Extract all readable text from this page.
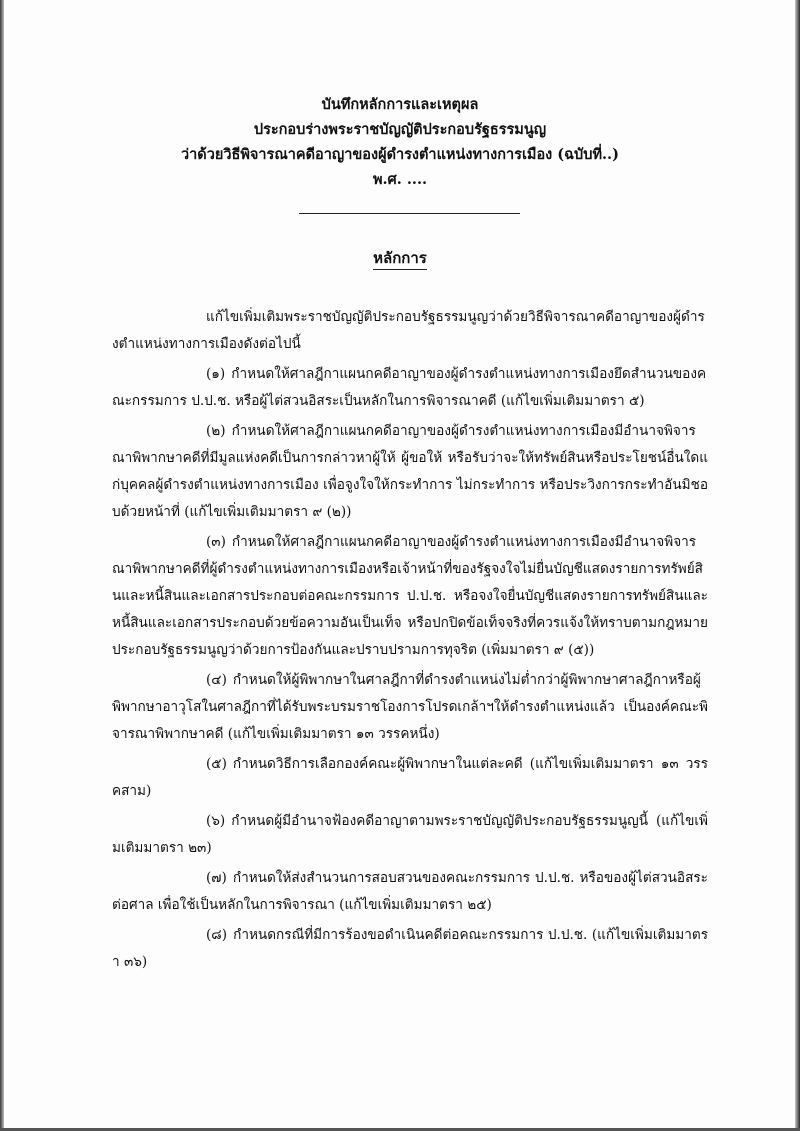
บันทึกหลักการและเหตุผล
ประกอบร่างพระราชบัญญัติประกอบรัฐธรรมนูญ
ว่าด้วยวิธีพิจารณาคดีอาญาของผู้ดำรงตำแหน่งทางการเมือง (ฉบับที่..)
พ.ศ. ....
หลักการ

แก้ไขเพิ่มเติมพระราชบัญญัติประกอบรัฐธรรมนูญว่าด้วยวิธีพิจารณาคดีอาญาของผู้ดำรงตำแหน่งทางการเมืองดังต่อไปนี้

(๑) กำหนดให้ศาลฎีกาแผนกคดีอาญาของผู้ดำรงตำแหน่งทางการเมืองยึดสำนวนของคณะกรรมการ ป.ป.ช. หรือผู้ไต่สวนอิสระเป็นหลักในการพิจารณาคดี (แก้ไขเพิ่มเติมมาตรา ๕)

(๒) กำหนดให้ศาลฎีกาแผนกคดีอาญาของผู้ดำรงตำแหน่งทางการเมืองมีอำนาจพิจารณาพิพากษาคดีที่มีมูลแห่งคดีเป็นการกล่าวหาผู้ให้ ผู้ขอให้ หรือรับว่าจะให้ทรัพย์สินหรือประโยชน์อื่นใดแก่บุคคลผู้ดำรงตำแหน่งทางการเมือง เพื่อจูงใจให้กระทำการ ไม่กระทำการ หรือประวิงการกระทำอันมิชอบด้วยหน้าที่ (แก้ไขเพิ่มเติมมาตรา ๙ (๒))

(๓) กำหนดให้ศาลฎีกาแผนกคดีอาญาของผู้ดำรงตำแหน่งทางการเมืองมีอำนาจพิจารณาพิพากษาคดีที่ผู้ดำรงตำแหน่งทางการเมืองหรือเจ้าหน้าที่ของรัฐจงใจไม่ยื่นบัญชีแสดงรายการทรัพย์สินและหนี้สินและเอกสารประกอบต่อคณะกรรมการ ป.ป.ช. หรือจงใจยื่นบัญชีแสดงรายการทรัพย์สินและหนี้สินและเอกสารประกอบด้วยข้อความอันเป็นเท็จ หรือปกปิดข้อเท็จจริงที่ควรแจ้งให้ทราบตามกฎหมายประกอบรัฐธรรมนูญว่าด้วยการป้องกันและปราบปรามการทุจริต (เพิ่มมาตรา ๙ (๕))

(๔) กำหนดให้ผู้พิพากษาในศาลฎีกาที่ดำรงตำแหน่งไม่ต่ำกว่าผู้พิพากษาศาลฎีกาหรือผู้พิพากษาอาวุโสในศาลฎีกาที่ได้รับพระบรมราชโองการโปรดเกล้าฯให้ดำรงตำแหน่งแล้ว เป็นองค์คณะพิจารณาพิพากษาคดี (แก้ไขเพิ่มเติมมาตรา ๑๓ วรรคหนึ่ง)

(๕) กำหนดวิธีการเลือกองค์คณะผู้พิพากษาในแต่ละคดี (แก้ไขเพิ่มเติมมาตรา ๑๓ วรรคสาม)

(๖) กำหนดผู้มีอำนาจฟ้องคดีอาญาตามพระราชบัญญัติประกอบรัฐธรรมนูญนี้ (แก้ไขเพิ่มเติมมาตรา ๒๓)

(๗) กำหนดให้ส่งสำนวนการสอบสวนของคณะกรรมการ ป.ป.ช. หรือของผู้ไต่สวนอิสระต่อศาล เพื่อใช้เป็นหลักในการพิจารณา (แก้ไขเพิ่มเติมมาตรา ๒๕)

(๘) กำหนดกรณีที่มีการร้องขอดำเนินคดีต่อคณะกรรมการ ป.ป.ช. (แก้ไขเพิ่มเติมมาตรา ๓๖)
